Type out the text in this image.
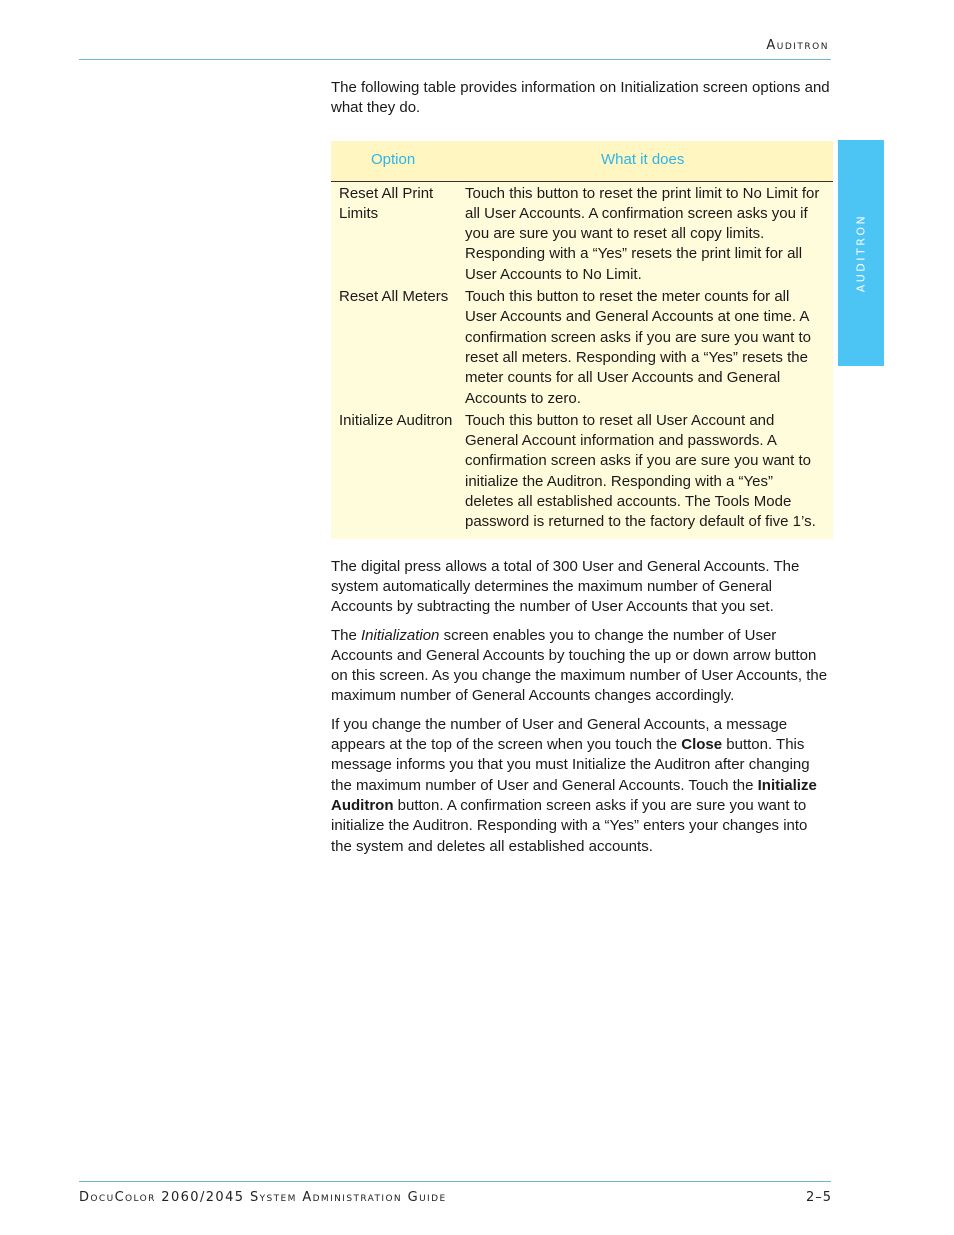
Auditron
AUDITRON

The following table provides information on Initialization screen options and what they do.

Option	What it does
Reset All Print Limits	Touch this button to reset the print limit to No Limit for all User Accounts. A confirmation screen asks you if you are sure you want to reset all copy limits. Responding with a “Yes” resets the print limit for all User Accounts to No Limit.
Reset All Meters	Touch this button to reset the meter counts for all User Accounts and General Accounts at one time. A confirmation screen asks if you are sure you want to reset all meters. Responding with a “Yes” resets the meter counts for all User Accounts and General Accounts to zero.
Initialize Auditron	Touch this button to reset all User Account and General Account information and passwords. A confirmation screen asks if you are sure you want to initialize the Auditron. Responding with a “Yes” deletes all established accounts. The Tools Mode password is returned to the factory default of five 1’s.

The digital press allows a total of 300 User and General Accounts. The system automatically determines the maximum number of General Accounts by subtracting the number of User Accounts that you set.

The Initialization screen enables you to change the number of User Accounts and General Accounts by touching the up or down arrow button on this screen. As you change the maximum number of User Accounts, the maximum number of General Accounts changes accordingly.

If you change the number of User and General Accounts, a message appears at the top of the screen when you touch the Close button. This message informs you that you must Initialize the Auditron after changing the maximum number of User and General Accounts. Touch the Initialize Auditron button. A confirmation screen asks if you are sure you want to initialize the Auditron. Responding with a “Yes” enters your changes into the system and deletes all established accounts.

DocuColor 2060/2045 System Administration Guide	2–5
